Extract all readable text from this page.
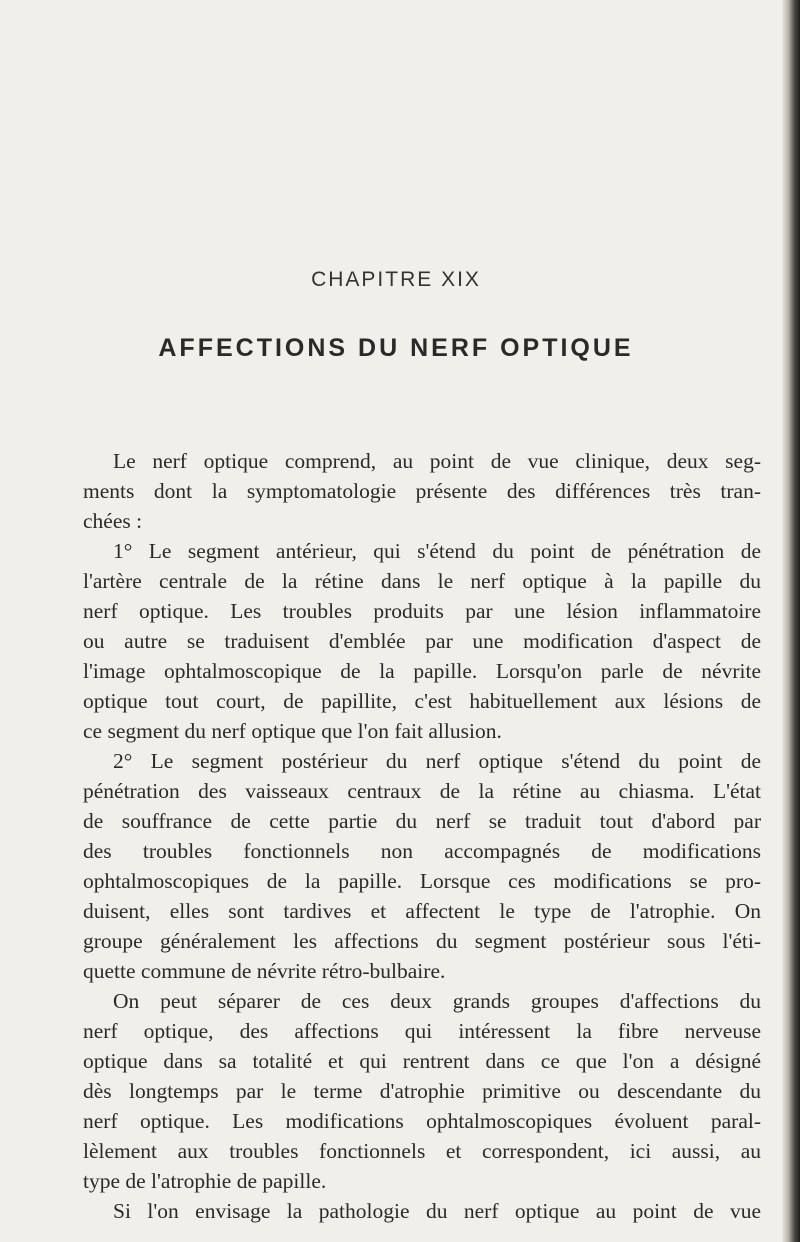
CHAPITRE XIX
AFFECTIONS DU NERF OPTIQUE
Le nerf optique comprend, au point de vue clinique, deux seg-
ments dont la symptomatologie présente des différences très tran-
chées :
1° Le segment antérieur, qui s'étend du point de pénétration de
l'artère centrale de la rétine dans le nerf optique à la papille du
nerf optique. Les troubles produits par une lésion inflammatoire
ou autre se traduisent d'emblée par une modification d'aspect de
l'image ophtalmoscopique de la papille. Lorsqu'on parle de névrite
optique tout court, de papillite, c'est habituellement aux lésions de
ce segment du nerf optique que l'on fait allusion.
2° Le segment postérieur du nerf optique s'étend du point de
pénétration des vaisseaux centraux de la rétine au chiasma. L'état
de souffrance de cette partie du nerf se traduit tout d'abord par
des troubles fonctionnels non accompagnés de modifications
ophtalmoscopiques de la papille. Lorsque ces modifications se pro-
duisent, elles sont tardives et affectent le type de l'atrophie. On
groupe généralement les affections du segment postérieur sous l'éti-
quette commune de névrite rétro-bulbaire.
On peut séparer de ces deux grands groupes d'affections du
nerf optique, des affections qui intéressent la fibre nerveuse
optique dans sa totalité et qui rentrent dans ce que l'on a désigné
dès longtemps par le terme d'atrophie primitive ou descendante du
nerf optique. Les modifications ophtalmoscopiques évoluent paral-
lèlement aux troubles fonctionnels et correspondent, ici aussi, au
type de l'atrophie de papille.
Si l'on envisage la pathologie du nerf optique au point de vue
